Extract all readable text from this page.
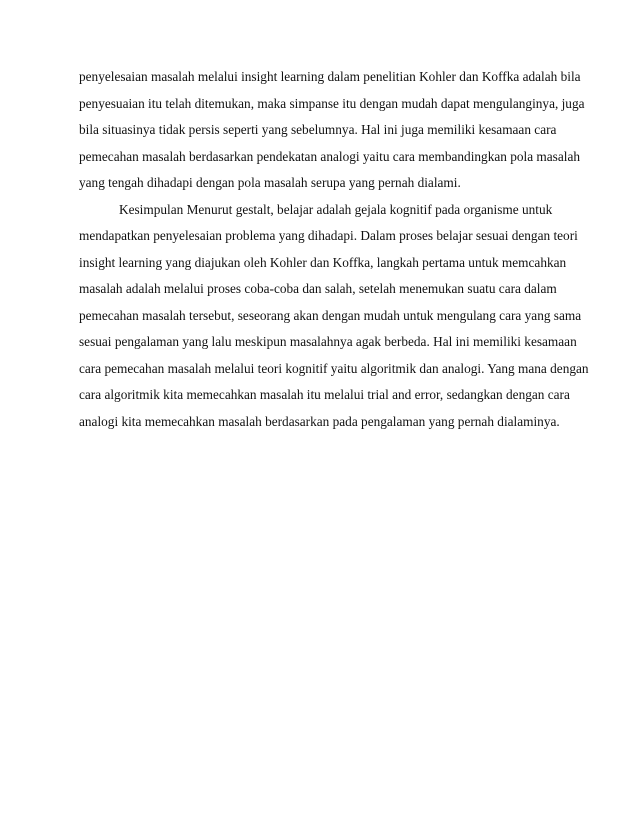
penyelesaian masalah melalui insight learning dalam penelitian Kohler dan Koffka adalah bila
penyesuaian itu telah ditemukan, maka simpanse itu dengan mudah dapat mengulanginya, juga
bila situasinya tidak persis seperti yang sebelumnya. Hal ini juga memiliki kesamaan cara
pemecahan masalah berdasarkan pendekatan analogi yaitu cara membandingkan pola masalah
yang tengah dihadapi dengan pola masalah serupa yang pernah dialami.

Kesimpulan Menurut gestalt, belajar adalah gejala kognitif pada organisme untuk
mendapatkan penyelesaian problema yang dihadapi. Dalam proses belajar sesuai dengan teori
insight learning yang diajukan oleh Kohler dan Koffka, langkah pertama untuk memcahkan
masalah adalah melalui proses coba-coba dan salah, setelah menemukan suatu cara dalam
pemecahan masalah tersebut, seseorang akan dengan mudah untuk mengulang cara yang sama
sesuai pengalaman yang lalu meskipun masalahnya agak berbeda. Hal ini memiliki kesamaan
cara pemecahan masalah melalui teori kognitif yaitu algoritmik dan analogi. Yang mana dengan
cara algoritmik kita memecahkan masalah itu melalui trial and error, sedangkan dengan cara
analogi kita memecahkan masalah berdasarkan pada pengalaman yang pernah dialaminya.
